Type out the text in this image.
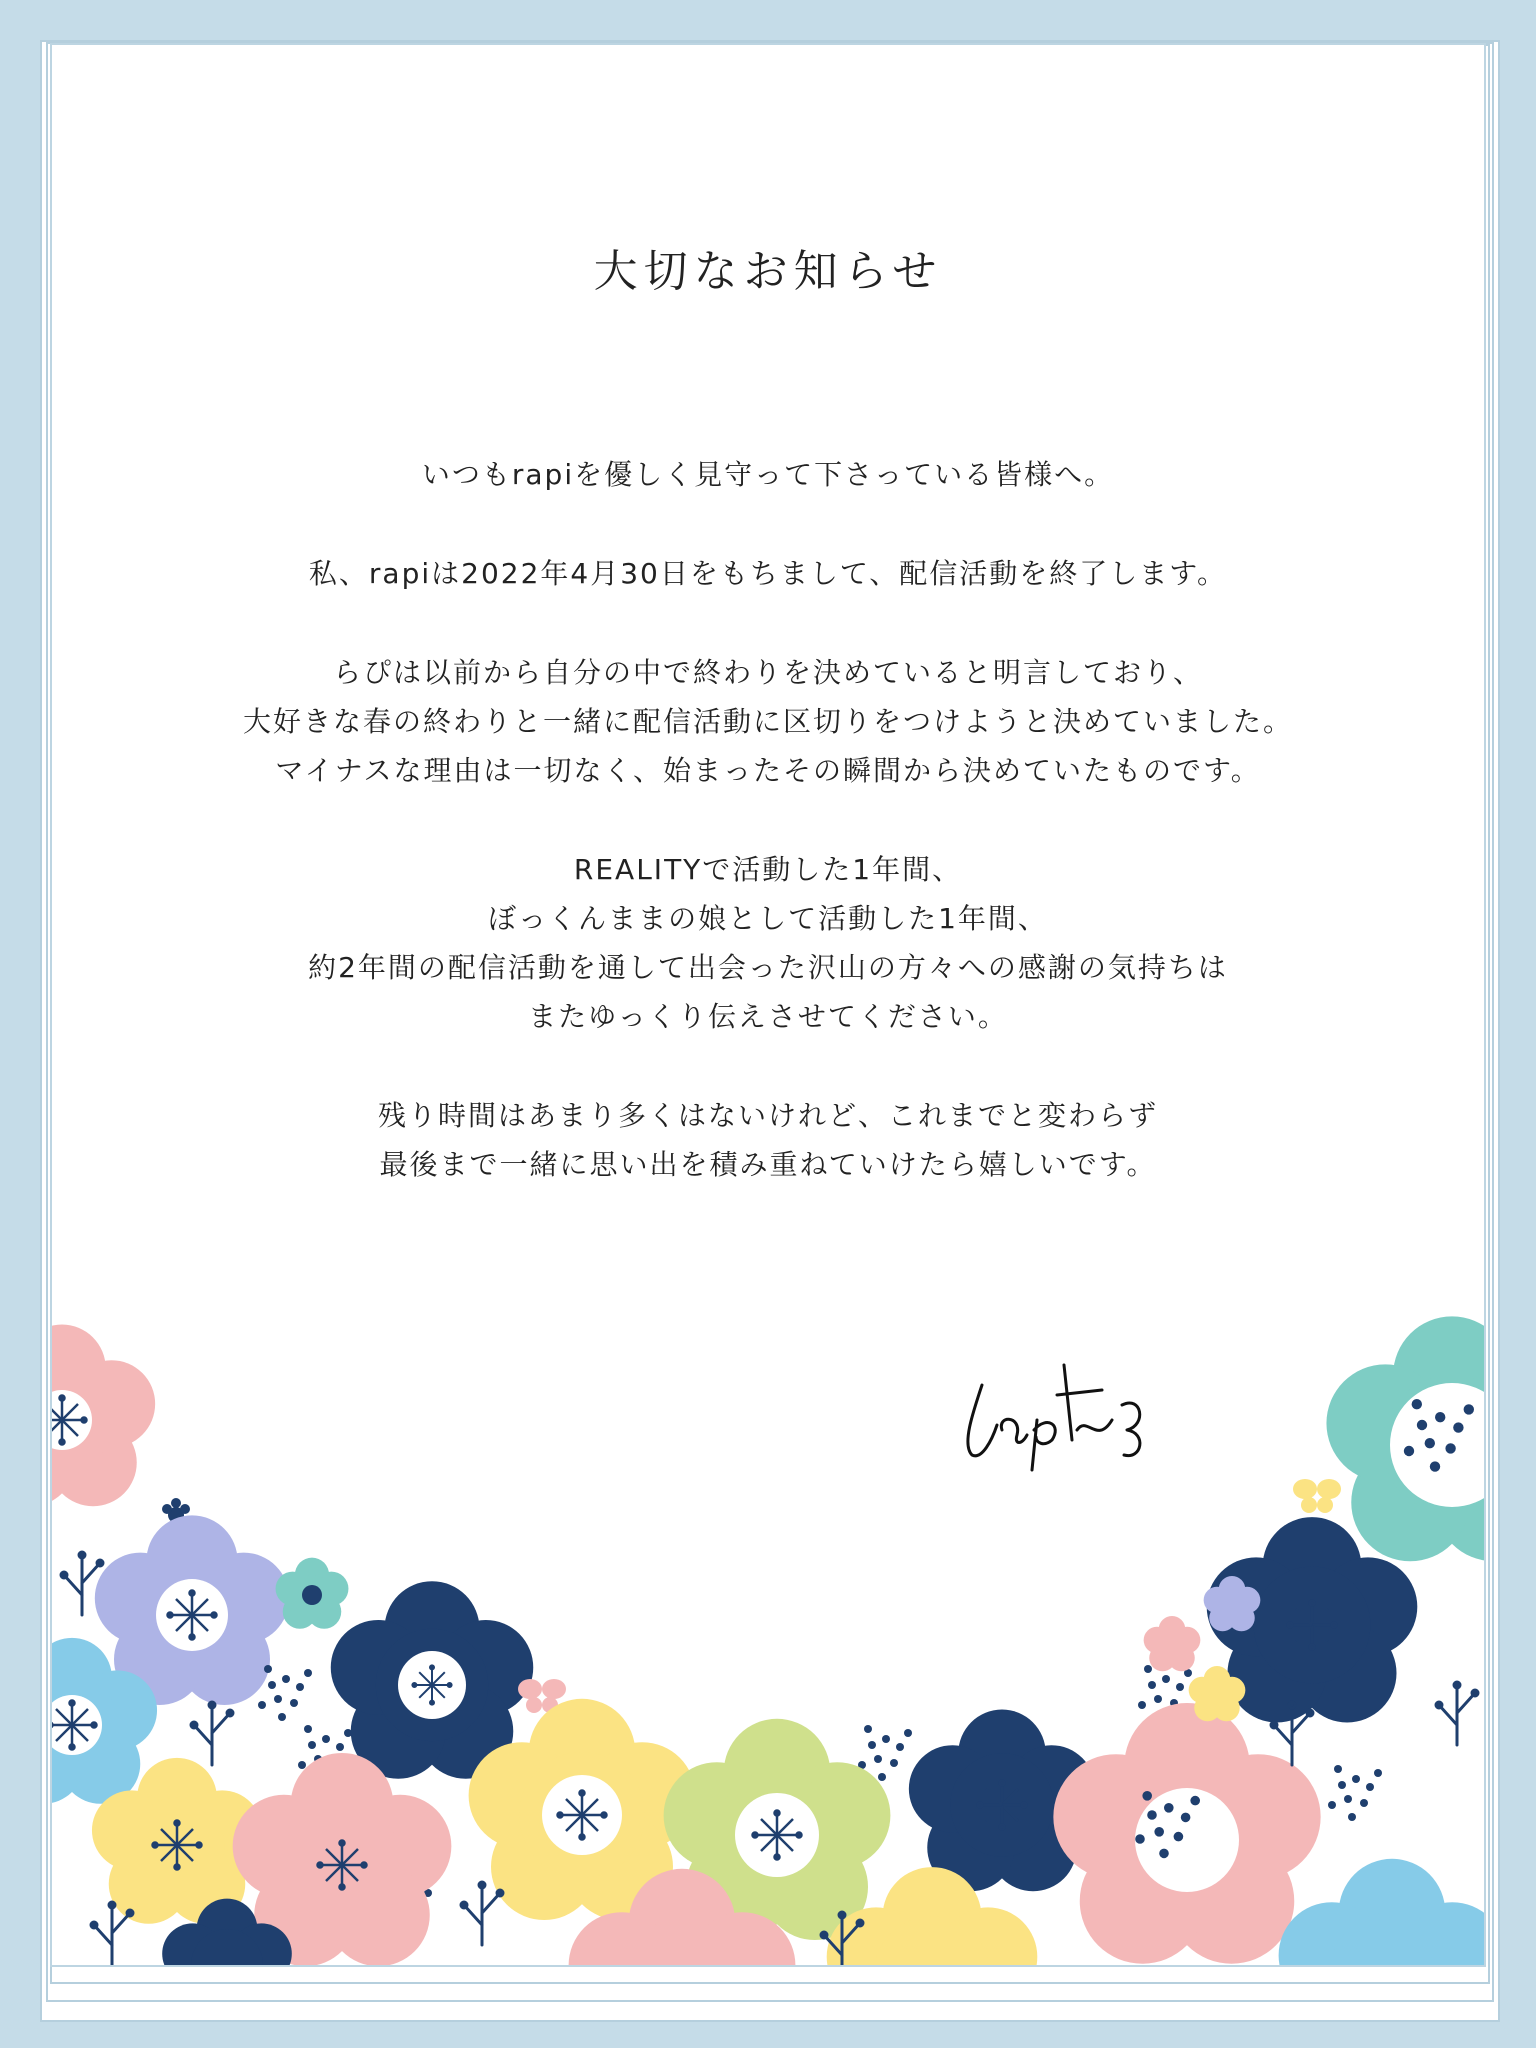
大切なお知らせ
いつもrapiを優しく見守って下さっている皆様へ。
私、rapiは2022年4月30日をもちまして、配信活動を終了します。
らぴは以前から自分の中で終わりを決めていると明言しており、
大好きな春の終わりと一緒に配信活動に区切りをつけようと決めていました。
マイナスな理由は一切なく、始まったその瞬間から決めていたものです。
REALITYで活動した1年間、
ぼっくんままの娘として活動した1年間、
約2年間の配信活動を通して出会った沢山の方々への感謝の気持ちは
またゆっくり伝えさせてください。
残り時間はあまり多くはないけれど、これまでと変わらず
最後まで一緒に思い出を積み重ねていけたら嬉しいです。
